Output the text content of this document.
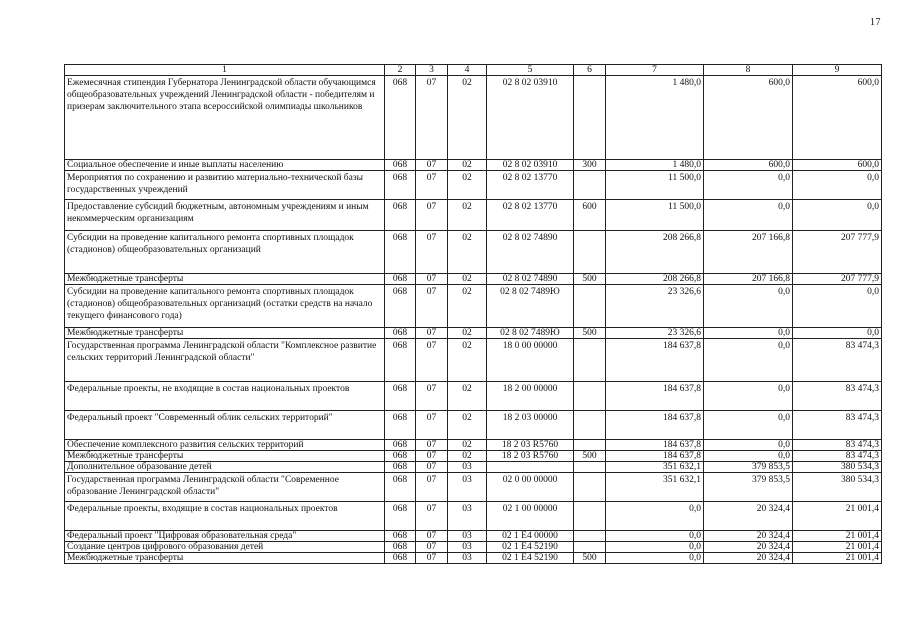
17
1	2	3	4	5	6	7	8	9
Ежемесячная стипендия Губернатора Ленинградской области обучающимся общеобразовательных учреждений Ленинградской области - победителям и призерам заключительного этапа всероссийской олимпиады школьников	068	07	02	02 8 02 03910		1 480,0	600,0	600,0
Социальное обеспечение и иные выплаты населению	068	07	02	02 8 02 03910	300	1 480,0	600,0	600,0
Мероприятия по сохранению и развитию материально-технической базы государственных учреждений	068	07	02	02 8 02 13770		11 500,0	0,0	0,0
Предоставление субсидий бюджетным, автономным учреждениям и иным некоммерческим организациям	068	07	02	02 8 02 13770	600	11 500,0	0,0	0,0
Субсидии на проведение капитального ремонта спортивных площадок (стадионов) общеобразовательных организаций	068	07	02	02 8 02 74890		208 266,8	207 166,8	207 777,9
Межбюджетные трансферты	068	07	02	02 8 02 74890	500	208 266,8	207 166,8	207 777,9
Субсидии на проведение капитального ремонта спортивных площадок (стадионов) общеобразовательных организаций (остатки средств на начало текущего финансового года)	068	07	02	02 8 02 7489Ю		23 326,6	0,0	0,0
Межбюджетные трансферты	068	07	02	02 8 02 7489Ю	500	23 326,6	0,0	0,0
Государственная программа Ленинградской области "Комплексное развитие сельских территорий Ленинградской области"	068	07	02	18 0 00 00000		184 637,8	0,0	83 474,3
Федеральные проекты, не входящие в состав национальных проектов	068	07	02	18 2 00 00000		184 637,8	0,0	83 474,3
Федеральный проект "Современный облик сельских территорий"	068	07	02	18 2 03 00000		184 637,8	0,0	83 474,3
Обеспечение комплексного развития сельских территорий	068	07	02	18 2 03 R5760		184 637,8	0,0	83 474,3
Межбюджетные трансферты	068	07	02	18 2 03 R5760	500	184 637,8	0,0	83 474,3
Дополнительное образование детей	068	07	03			351 632,1	379 853,5	380 534,3
Государственная программа Ленинградской области "Современное образование Ленинградской области"	068	07	03	02 0 00 00000		351 632,1	379 853,5	380 534,3
Федеральные проекты, входящие в состав национальных проектов	068	07	03	02 1 00 00000		0,0	20 324,4	21 001,4
Федеральный проект "Цифровая образовательная среда"	068	07	03	02 1 E4 00000		0,0	20 324,4	21 001,4
Создание центров цифрового образования детей	068	07	03	02 1 E4 52190		0,0	20 324,4	21 001,4
Межбюджетные трансферты	068	07	03	02 1 E4 52190	500	0,0	20 324,4	21 001,4
